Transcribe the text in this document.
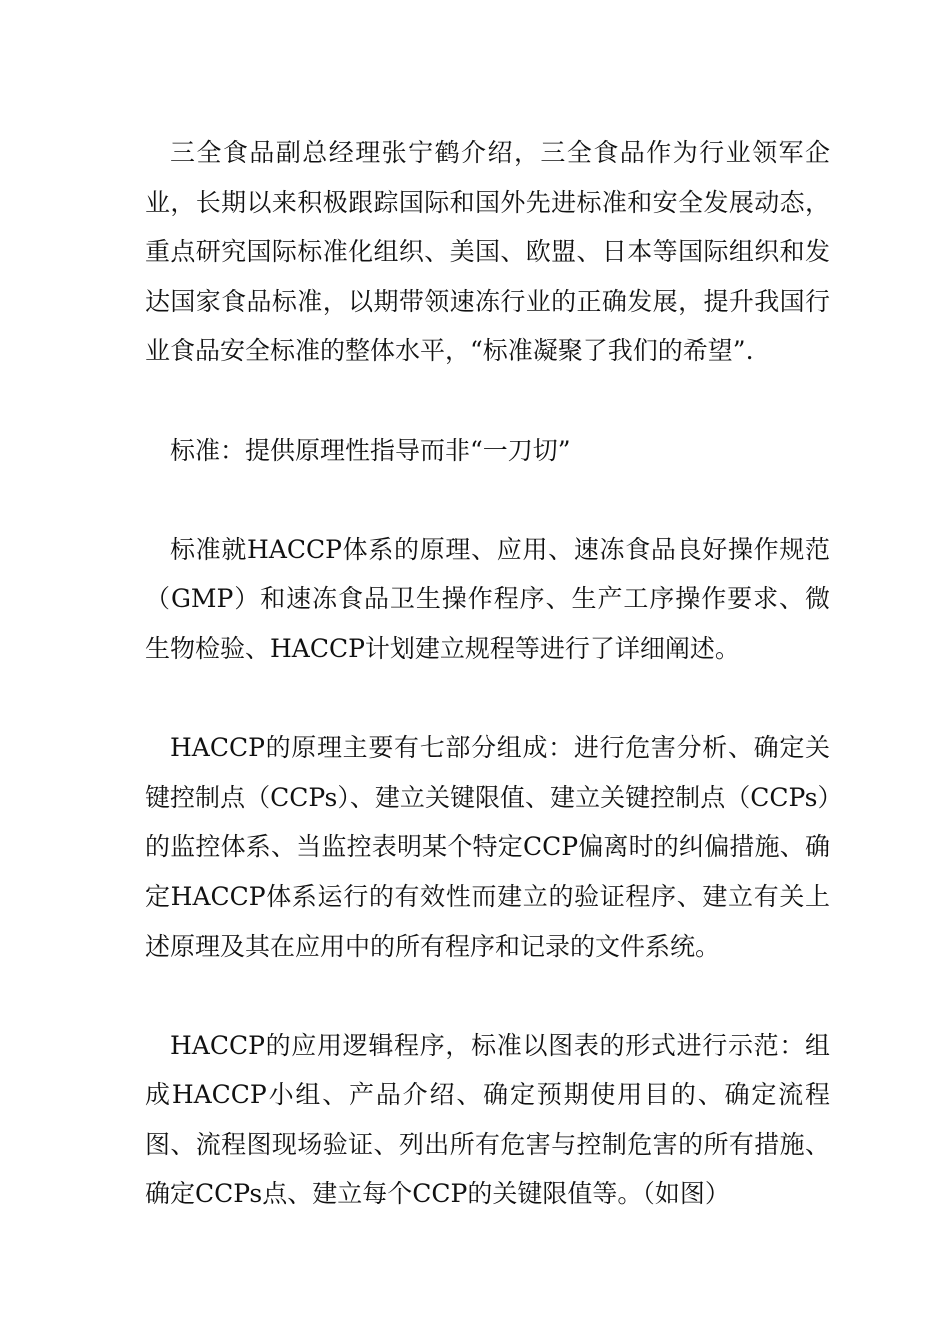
三全食品副总经理张宁鹤介绍，三全食品作为行业领军企业，长期以来积极跟踪国际和国外先进标准和安全发展动态，重点研究国际标准化组织、美国、欧盟、日本等国际组织和发达国家食品标准，以期带领速冻行业的正确发展，提升我国行业食品安全标准的整体水平，“标准凝聚了我们的希望”.

标准：提供原理性指导而非“一刀切”

标准就HACCP体系的原理、应用、速冻食品良好操作规范（GMP）和速冻食品卫生操作程序、生产工序操作要求、微生物检验、HACCP计划建立规程等进行了详细阐述。

HACCP的原理主要有七部分组成：进行危害分析、确定关键控制点（CCPs）、建立关键限值、建立关键控制点（CCPs）的监控体系、当监控表明某个特定CCP偏离时的纠偏措施、确定HACCP体系运行的有效性而建立的验证程序、建立有关上述原理及其在应用中的所有程序和记录的文件系统。

HACCP的应用逻辑程序，标准以图表的形式进行示范：组成HACCP小组、产品介绍、确定预期使用目的、确定流程图、流程图现场验证、列出所有危害与控制危害的所有措施、确定CCPs点、建立每个CCP的关键限值等。（如图）
